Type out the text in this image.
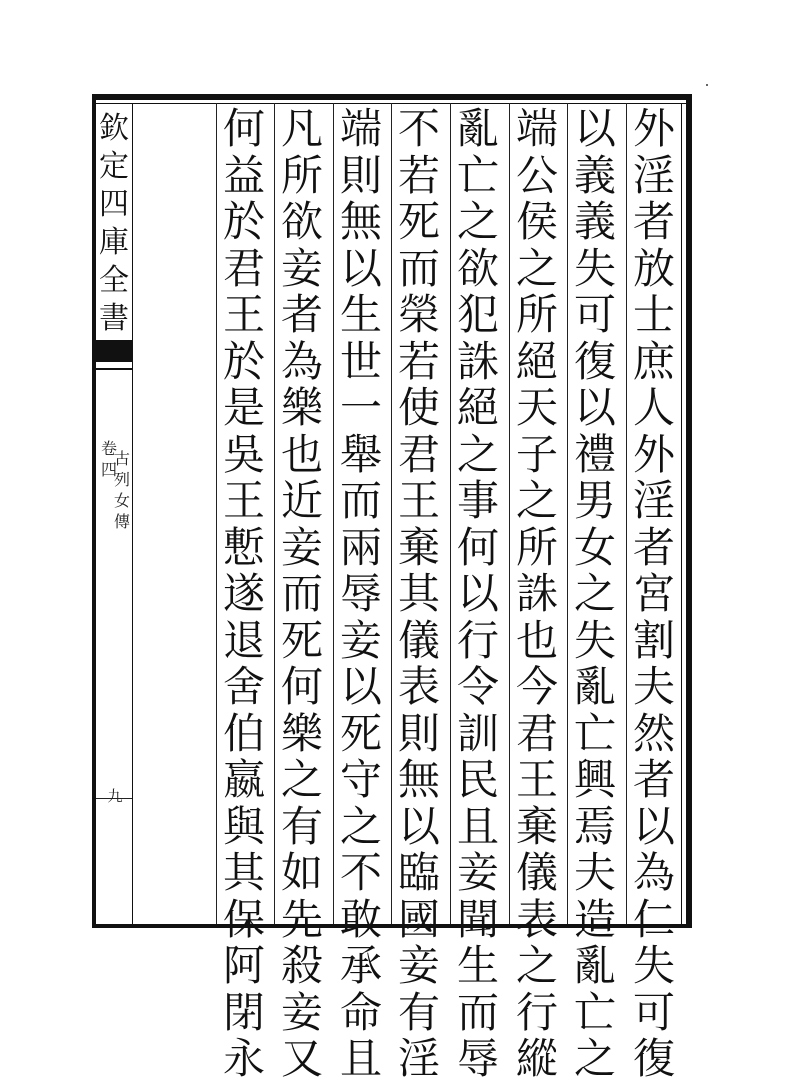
欽
定
四
庫
全
書
卷
四
古
列
女
傳
九
外
淫
者
放
士
庶
人
外
淫
者
宮
割
夫
然
者
以
為
仁
失
可
復
以
義
義
失
可
復
以
禮
男
女
之
失
亂
亡
興
焉
夫
造
亂
亡
之
端
公
侯
之
所
絕
天
子
之
所
誅
也
今
君
王
棄
儀
表
之
行
縱
亂
亡
之
欲
犯
誅
絕
之
事
何
以
行
令
訓
民
且
妾
聞
生
而
辱
不
若
死
而
榮
若
使
君
王
棄
其
儀
表
則
無
以
臨
國
妾
有
淫
端
則
無
以
生
世
一
舉
而
兩
辱
妾
以
死
守
之
不
敢
承
命
且
凡
所
欲
妾
者
為
樂
也
近
妾
而
死
何
樂
之
有
如
先
殺
妾
又
何
益
於
君
王
於
是
吳
王
慙
遂
退
舍
伯
嬴
與
其
保
阿
閉
永
